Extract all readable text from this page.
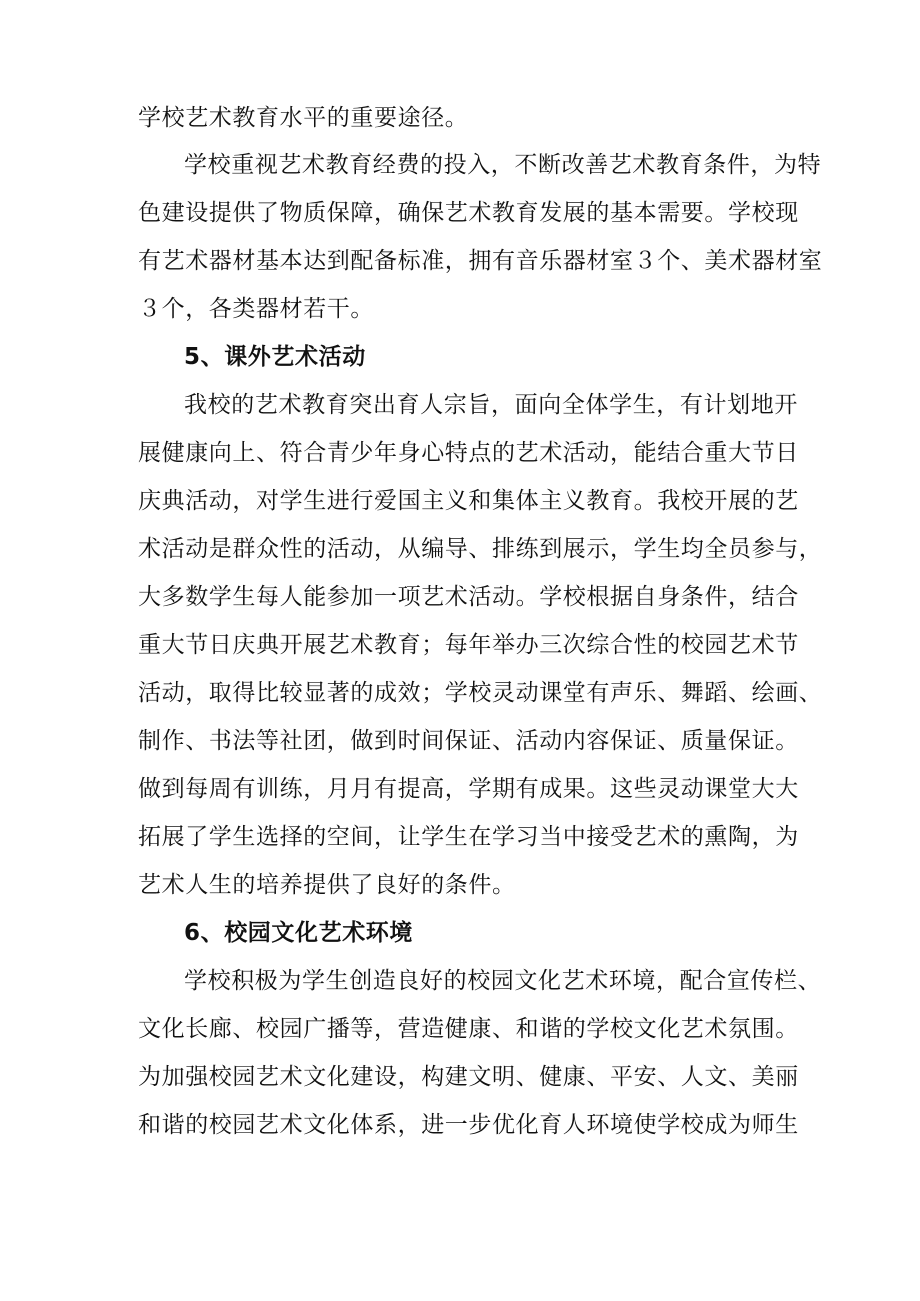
学校艺术教育水平的重要途径。
学校重视艺术教育经费的投入，不断改善艺术教育条件，为特
色建设提供了物质保障，确保艺术教育发展的基本需要。学校现
有艺术器材基本达到配备标准，拥有音乐器材室３个、美术器材室
３个，各类器材若干。
5、课外艺术活动
我校的艺术教育突出育人宗旨，面向全体学生，有计划地开
展健康向上、符合青少年身心特点的艺术活动，能结合重大节日
庆典活动，对学生进行爱国主义和集体主义教育。我校开展的艺
术活动是群众性的活动，从编导、排练到展示，学生均全员参与，
大多数学生每人能参加一项艺术活动。学校根据自身条件，结合
重大节日庆典开展艺术教育；每年举办三次综合性的校园艺术节
活动，取得比较显著的成效；学校灵动课堂有声乐、舞蹈、绘画、
制作、书法等社团，做到时间保证、活动内容保证、质量保证。
做到每周有训练，月月有提高，学期有成果。这些灵动课堂大大
拓展了学生选择的空间，让学生在学习当中接受艺术的熏陶，为
艺术人生的培养提供了良好的条件。
6、校园文化艺术环境
学校积极为学生创造良好的校园文化艺术环境，配合宣传栏、
文化长廊、校园广播等，营造健康、和谐的学校文化艺术氛围。
为加强校园艺术文化建设，构建文明、健康、平安、人文、美丽
和谐的校园艺术文化体系，进一步优化育人环境使学校成为师生
